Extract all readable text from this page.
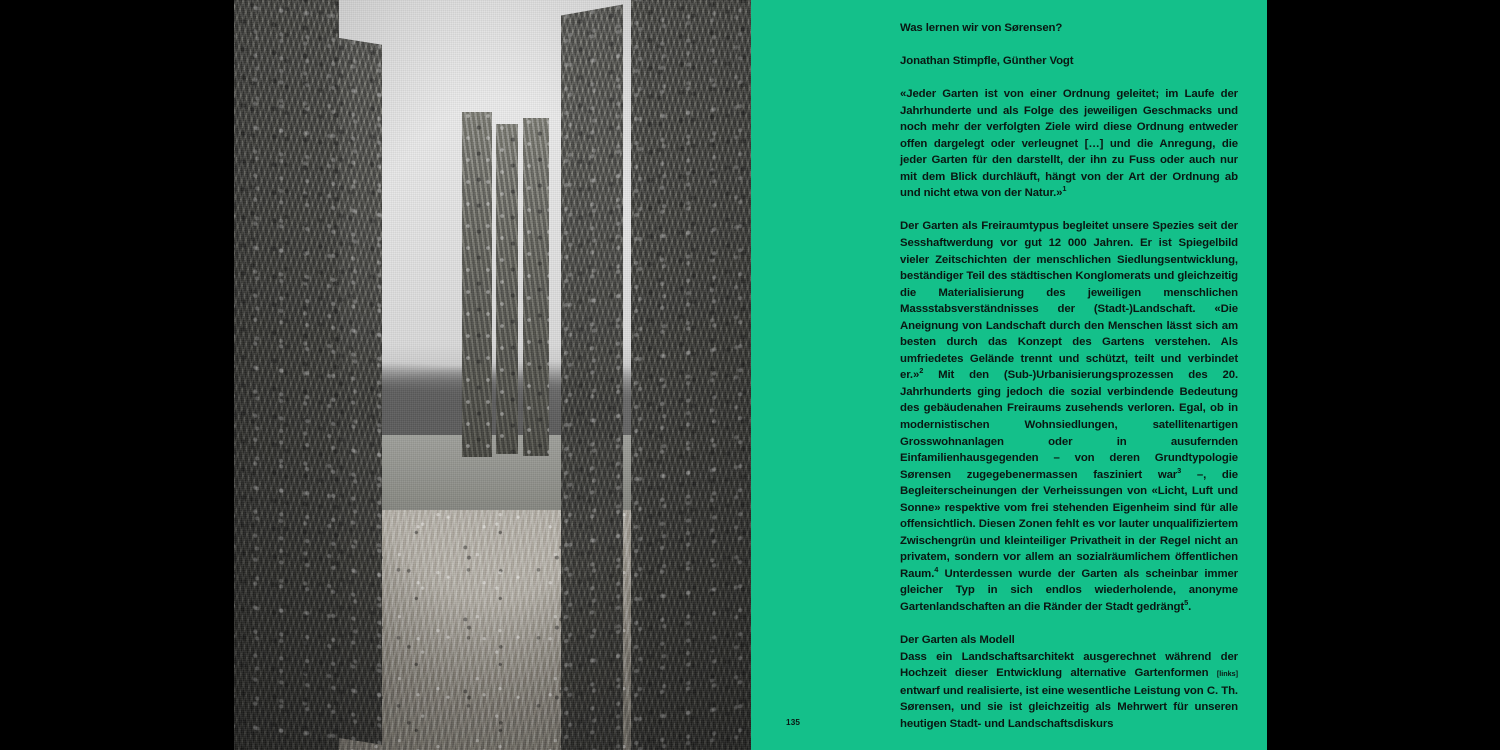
Was lernen wir von Sørensen?

Jonathan Stimpfle, Günther Vogt

«Jeder Garten ist von einer Ordnung geleitet; im Laufe der Jahrhunderte und als Folge des jeweiligen Geschmacks und noch mehr der verfolgten Ziele wird diese Ordnung entweder offen dargelegt oder verleugnet […] und die Anregung, die jeder Garten für den darstellt, der ihn zu Fuss oder auch nur mit dem Blick durchläuft, hängt von der Art der Ordnung ab und nicht etwa von der Natur.»$^1$

Der Garten als Freiraumtypus begleitet unsere Spezies seit der Sesshaftwerdung vor gut 12 000 Jahren. Er ist Spiegelbild vieler Zeitschichten der menschlichen Siedlungsentwicklung, beständiger Teil des städtischen Konglomerats und gleichzeitig die Materialisierung des jeweiligen menschlichen Massstabsverständnisses der (Stadt-)Landschaft. «Die Aneignung von Landschaft durch den Menschen lässt sich am besten durch das Konzept des Gartens verstehen. Als umfriedetes Gelände trennt und schützt, teilt und verbindet er.»$^2$ Mit den (Sub-)Urbanisierungsprozessen des 20. Jahrhunderts ging jedoch die sozial verbindende Bedeutung des gebäudenahen Freiraums zusehends verloren. Egal, ob in modernistischen Wohnsiedlungen, satellitenartigen Grosswohnanlagen oder in ausufernden Einfamilienhausgegenden – von deren Grundtypologie Sørensen zugegebenermassen fasziniert war$^3$ –, die Begleiterscheinungen der Verheissungen von «Licht, Luft und Sonne» respektive vom frei stehenden Eigenheim sind für alle offensichtlich. Diesen Zonen fehlt es vor lauter unqualifiziertem Zwischengrün und kleinteiliger Privatheit in der Regel nicht an privatem, sondern vor allem an sozialräumlichem öffentlichen Raum.$^4$ Unterdessen wurde der Garten als scheinbar immer gleicher Typ in sich endlos wiederholende, anonyme Gartenlandschaften an die Ränder der Stadt gedrängt$^5$.

Der Garten als Modell

Dass ein Landschaftsarchitekt ausgerechnet während der Hochzeit dieser Entwicklung alternative Gartenformen [links] entwarf und realisierte, ist eine wesentliche Leistung von C. Th. Sørensen, und sie ist gleichzeitig als Mehrwert für unseren heutigen Stadt- und Landschaftsdiskurs

135
